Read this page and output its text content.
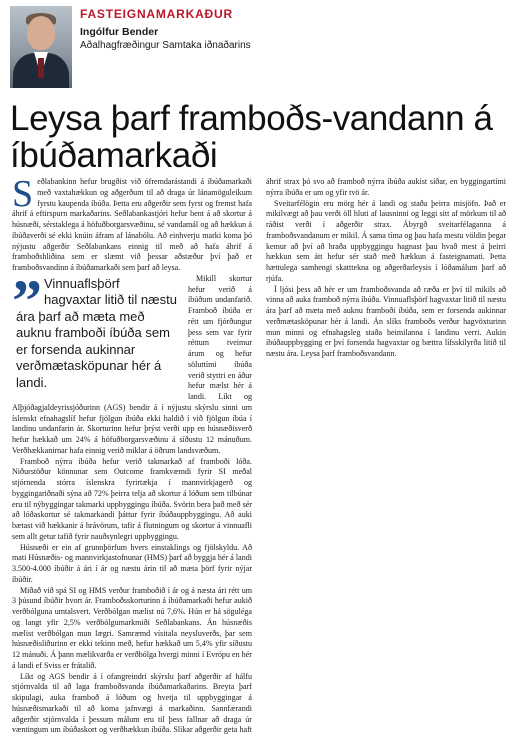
FASTEIGNAMARKAÐUR
Ingólfur Bender
Aðalhagfræðingur Samtaka iðnaðarins
Leysa þarf framboðs-vandann á íbúðamarkaði

Seðlabankinn hefur brugðist við ófremdarástandi á íbúðamarkaði með vaxtahækkun og aðgerðum til að draga úr lánamöguleikum fyrstu kaupenda íbúða. Þetta eru aðgerðir sem fyrst og fremst hafa áhrif á eftirspurn markaðarins. Seðlabankastjóri hefur bent á að skortur á húsnæði, sérstaklega á höfuðborgarsvæðinu, sé vandamál og að hækkun á íbúðaverði sé ekki knúin áfram af lánabólu. Að einhverju marki koma þó nýjustu aðgerðir Seðlabankans einnig til með að hafa áhrif á framboðshliðina sem er slæmt við þessar aðstæður því það er framboðsvandinn á íbúðamarkaði sem þarf að leysa.

” Vinnuaflsþörf hagvaxtar litið til næstu ára þarf að mæta með auknu framboði íbúða sem er forsenda aukinnar verðmætasköpunar hér á landi.

Mikill skortur hefur verið á íbúðum undanfarið. Framboð íbúða er rétt um fjórðungur þess sem var fyrir réttum tveimur árum og hefur söluttími íbúða verið styttri en áður hefur mælst hér á landi. Líkt og Alþjóðagjaldeyrissjóðurinn (AGS) bendir á í nýjustu skýrslu sinni um íslenskt efnahagslíf hefur fjölgun íbúða ekki haldið í við fjölgun íbúa í landinu undanfarin ár. Skorturinn hefur þrýst verði upp en húsnæðisverð hefur hækkað um 24% á höfuðborgarsvæðinu á síðustu 12 mánuðum. Verðhækkanirnar hafa einnig verið miklar á öðrum landsvæðum.

Framboð nýrra íbúða hefur verið takmarkað af framboði lóða. Niðurstöður könnunar sem Outcome framkvæmdi fyrir SI meðal stjórnenda stórra íslenskra fyrirtækja í mannvirkjagerð og byggingariðnaði sýna að 72% þeirra telja að skortur á lóðum sem tilbúnar eru til nýbyggingar takmarki uppbyggingu íbúða. Svörin bera það með sér að lóðaskortur sé takmarkandi þáttur fyrir íbúðauppbyggingu. Að auki bætast við hækkanir á hrávörum, tafir á flutningum og skortur á vinnuafli sem allt getur tafið fyrir nauðsynlegri uppbyggingu.

Húsnæði er ein af grunnþörfum hvers einstaklings og fjölskyldu. Að mati Húsnæðis- og mannvirkjastofnunar (HMS) þarf að byggja hér á landi 3.500-4.000 íbúðir á ári í ár og næstu árin til að mæta þörf fyrir nýjar íbúðir.

Miðað við spá SI og HMS verður framboðið í ár og á næsta ári rétt um 3 þúsund íbúðir hvort ár. Framboðsskorturinn á íbúðamarkaði hefur aukið verðbólguna umtalsvert. Verðbólgan mælist nú 7,6%. Hún er há söguléga og langt yfir 2,5% verðbólgumarkmiði Seðlabankans. Án húsnæðis mælist verðbólgan mun lægri. Samræmd vísitala neysluverðs, þar sem húsnæðisliðurinn er ekki tekinn með, hefur hækkað um 5,4% yfir síðustu 12 mánuði. Á þann mælikvarða er verðbólga hvergi minni í Evrópu en hér á landi ef Sviss er frátalið.

Líkt og AGS bendir á í ofangreindri skýrslu þarf aðgerðir af hálfu stjórnvalda til að laga framboðsvanda íbúðamarkaðarins. Breyta þarf skipulagi, auka framboð á lóðum og hvetja til uppbyggingar á húsnæðismarkaði til að koma jafnvægi á markaðinn. Sannfærandi aðgerðir stjórnvalda í þessum málum eru til þess fallnar að draga úr væntingum um íbúðaskort og verðhækkun íbúða. Slíkar aðgerðir geta haft áhrif strax þó svo að framboð nýrra íbúða aukist síðar, en byggingartími nýrra íbúða er um og yfir tvö ár.

Sveitarfélögin eru mörg hér á landi og staða þeirra misjöfn. Það er mikilvægt að þau verði öll hluti af lausninni og leggi sitt af mörkum til að ráðist verði í aðgerðir strax. Ábyrgð sveitarfélaganna á framboðsvandanum er mikil. Á sama tíma og þau hafa mestu völdin þegar kemur að því að hraða uppbyggingu hagnast þau hvað mest á þeirri hækkun sem átt hefur sér stað með hækkun á fasteignamati. Þetta hættulega samhengi skatttekna og aðgerðarleysis í lóðamálum þarf að rjúfa.

Í ljósi þess að hér er um framboðsvanda að ræða er því til mikils að vinna að auka framboð nýrra íbúða. Vinnuaflsþörf hagvaxtar litið til næstu ára þarf að mæta með auknu framboði íbúða, sem er forsenda aukinnar verðmætasköpunar hér á landi. Án slíks framboðs verður hagvöxturinn mun minni og efnahagsleg staða heimilanna í landinu verri. Aukin íbúðauppbygging er því forsenda hagvaxtar og bættra lífsskilyrða litið til næstu ára. Leysa þarf framboðsvandann.
